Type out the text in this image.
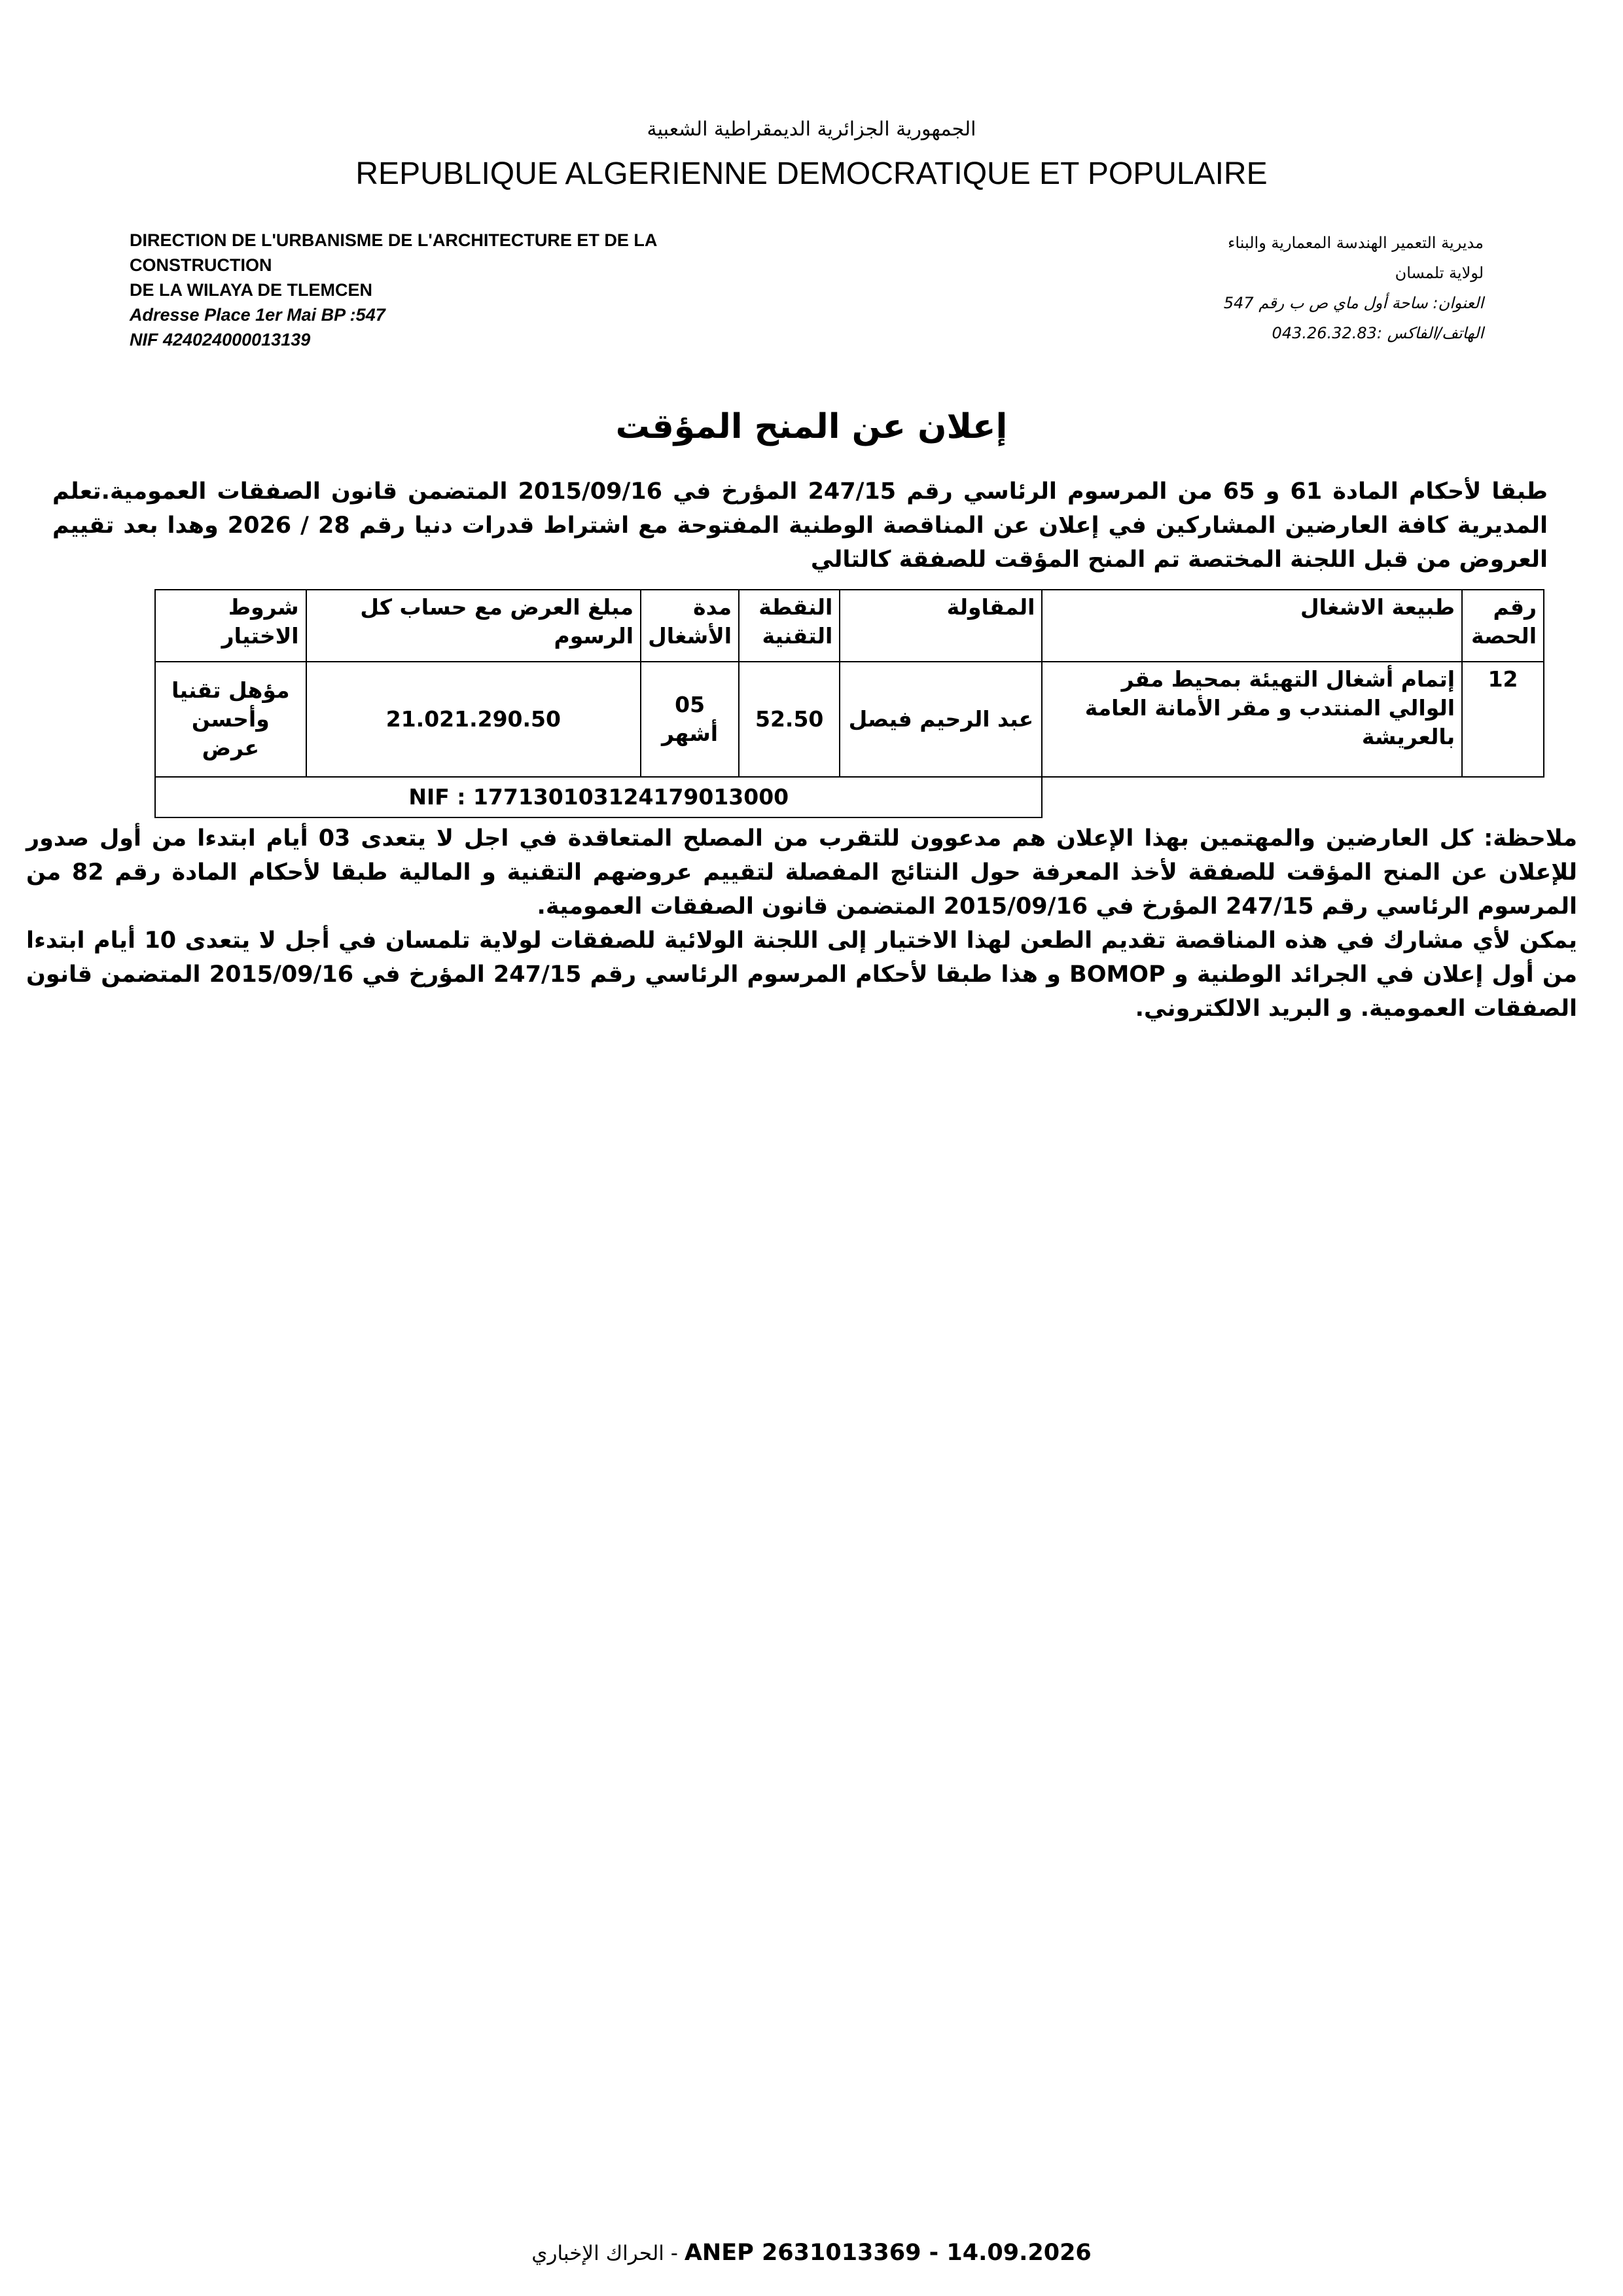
الجمهورية الجزائرية الديمقراطية الشعبية
REPUBLIQUE ALGERIENNE DEMOCRATIQUE ET POPULAIRE
DIRECTION DE L'URBANISME DE L'ARCHITECTURE ET DE LA
CONSTRUCTION
DE LA WILAYA DE TLEMCEN
Adresse Place 1er Mai BP :547
NIF 424024000013139
مديرية التعمير الهندسة المعمارية والبناء
لولاية تلمسان
العنوان: ساحة أول ماي ص ب رقم 547
الهاتف/الفاكس :043.26.32.83
إعلان عن المنح المؤقت
طبقا لأحكام المادة 61 و 65 من المرسوم الرئاسي رقم 247/15 المؤرخ في 2015/09/16 المتضمن قانون الصفقات العمومية.تعلم المديرية كافة العارضين المشاركين في إعلان عن المناقصة الوطنية المفتوحة مع اشتراط قدرات دنيا رقم 28 / 2026 وهدا بعد تقييم العروض من قبل اللجنة المختصة تم المنح المؤقت للصفقة كالتالي
رقم الحصة	طبيعة الاشغال	المقاولة	النقطة التقنية	مدة الأشغال	مبلغ العرض مع حساب كل الرسوم	شروط الاختيار
12	إتمام أشغال التهيئة بمحيط مقر الوالي المنتدب و مقر الأمانة العامة بالعريشة	عبد الرحيم فيصل	52.50	05 أشهر	21.021.290.50	مؤهل تقنيا وأحسن عرض
		NIF : 177130103124179013000				

ملاحظة: كل العارضين والمهتمين بهذا الإعلان هم مدعوون للتقرب من المصلح المتعاقدة في اجل لا يتعدى 03 أيام ابتدءا من أول صدور للإعلان عن المنح المؤقت للصفقة لأخذ المعرفة حول النتائج المفصلة لتقييم عروضهم التقنية و المالية طبقا لأحكام المادة رقم 82 من المرسوم الرئاسي رقم 247/15 المؤرخ في 2015/09/16 المتضمن قانون الصفقات العمومية.

يمكن لأي مشارك في هذه المناقصة تقديم الطعن لهذا الاختيار إلى اللجنة الولائية للصفقات لولاية تلمسان في أجل لا يتعدى 10 أيام ابتدءا من أول إعلان في الجرائد الوطنية و BOMOP و هذا طبقا لأحكام المرسوم الرئاسي رقم 247/15 المؤرخ في 2015/09/16 المتضمن قانون الصفقات العمومية. و البريد الالكتروني.

الحراك الإخباري - ANEP 2631013369 - 14.09.2026
